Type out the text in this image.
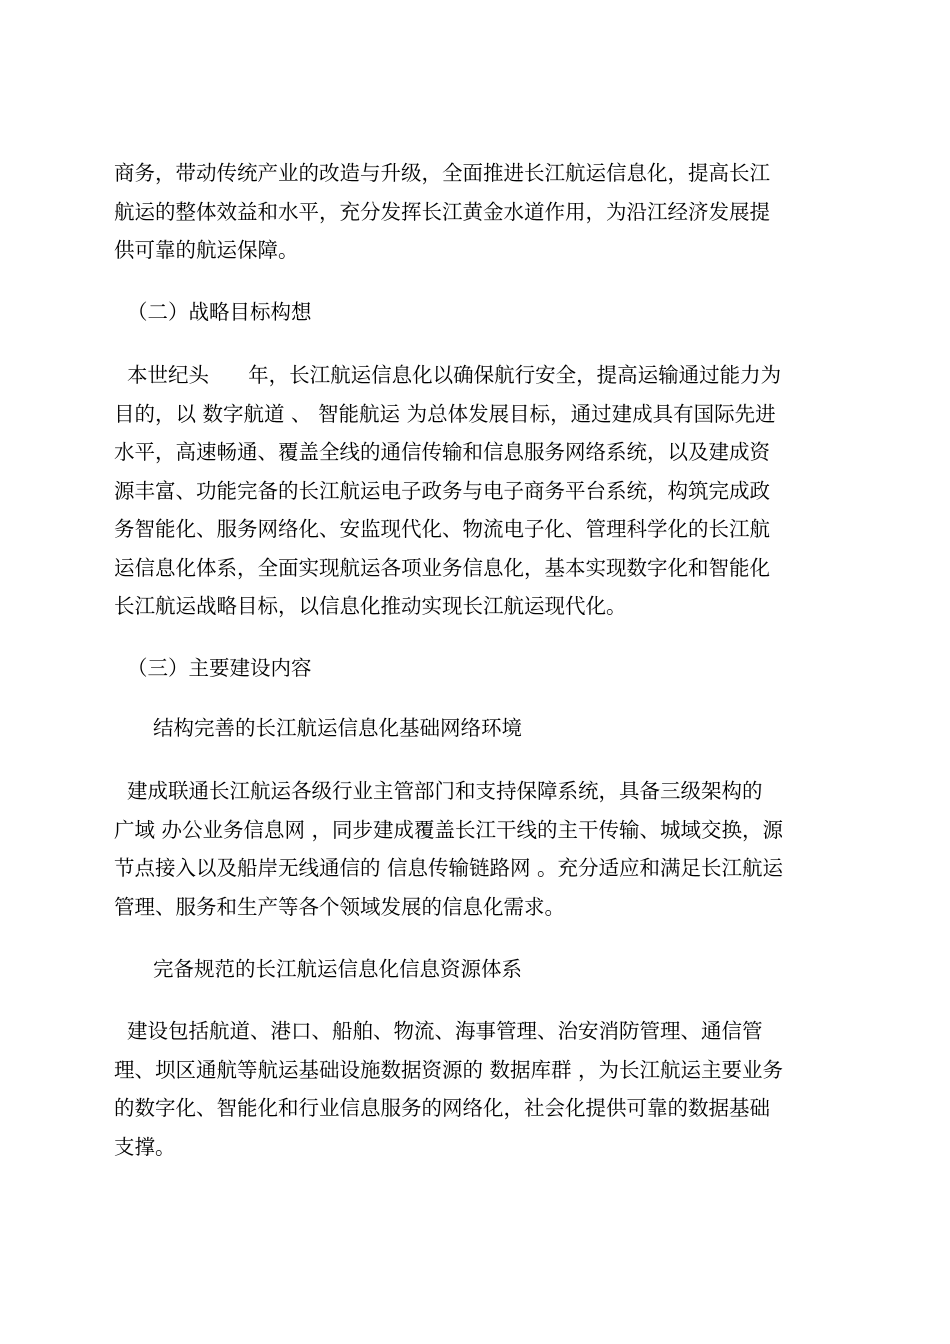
商务，带动传统产业的改造与升级，全面推进长江航运信息化，提高长江
航运的整体效益和水平，充分发挥长江黄金水道作用，为沿江经济发展提
供可靠的航运保障。
（二）战略目标构想
本世纪头      年，长江航运信息化以确保航行安全，提高运输通过能力为
目的，以 数字航道 、 智能航运 为总体发展目标，通过建成具有国际先进
水平，高速畅通、覆盖全线的通信传输和信息服务网络系统，以及建成资
源丰富、功能完备的长江航运电子政务与电子商务平台系统，构筑完成政
务智能化、服务网络化、安监现代化、物流电子化、管理科学化的长江航
运信息化体系，全面实现航运各项业务信息化，基本实现数字化和智能化
长江航运战略目标，以信息化推动实现长江航运现代化。
（三）主要建设内容
结构完善的长江航运信息化基础网络环境
建成联通长江航运各级行业主管部门和支持保障系统，具备三级架构的
广域 办公业务信息网 ，同步建成覆盖长江干线的主干传输、城域交换，源
节点接入以及船岸无线通信的 信息传输链路网 。充分适应和满足长江航运
管理、服务和生产等各个领域发展的信息化需求。
完备规范的长江航运信息化信息资源体系
建设包括航道、港口、船舶、物流、海事管理、治安消防管理、通信管
理、坝区通航等航运基础设施数据资源的 数据库群 ，为长江航运主要业务
的数字化、智能化和行业信息服务的网络化，社会化提供可靠的数据基础
支撑。
